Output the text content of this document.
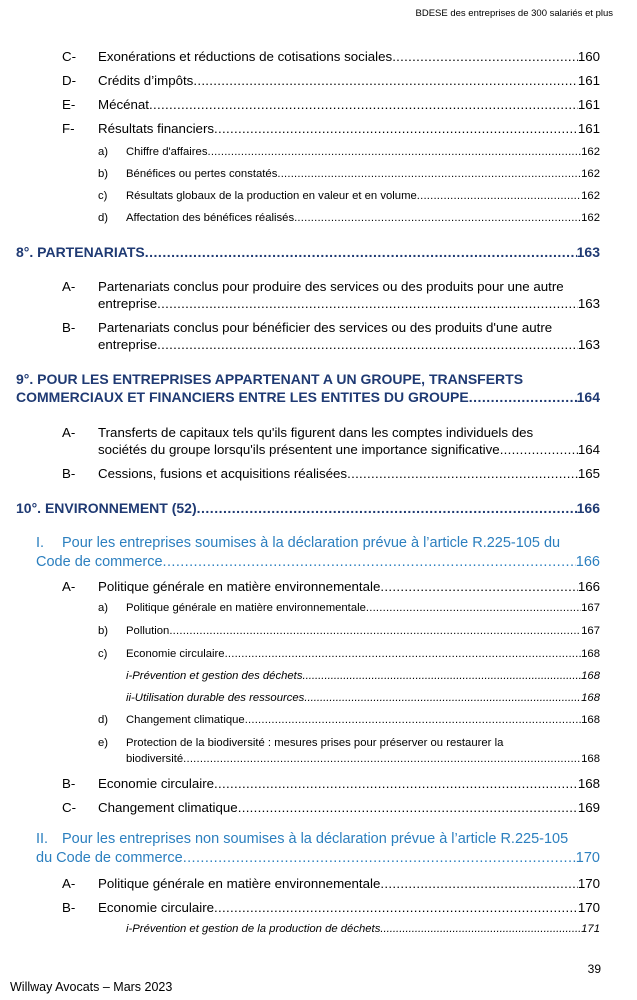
BDESE des entreprises de 300 salariés et plus
C- Exonérations et réductions de cotisations sociales .....	160
D- Crédits d’impôts .....	161
E- Mécénat .....	161
F- Résultats financiers .....	161
a) Chiffre d'affaires .....	162
b) Bénéfices ou pertes constatés .....	162
c) Résultats globaux de la production en valeur et en volume .....	162
d) Affectation des bénéfices réalisés .....	162
8°. PARTENARIATS .....	163
A- Partenariats conclus pour produire des services ou des produits pour une autre
entreprise .....	163
B- Partenariats conclus pour bénéficier des services ou des produits d'une autre
entreprise .....	163
9°. POUR LES ENTREPRISES APPARTENANT A UN GROUPE, TRANSFERTS
COMMERCIAUX ET FINANCIERS ENTRE LES ENTITES DU GROUPE .....	164
A- Transferts de capitaux tels qu'ils figurent dans les comptes individuels des
sociétés du groupe lorsqu'ils présentent une importance significative .....	164
B- Cessions, fusions et acquisitions réalisées .....	165
10°. ENVIRONNEMENT (52) .....	166
I. Pour les entreprises soumises à la déclaration prévue à l’article R.225-105 du
Code de commerce .....	166
A- Politique générale en matière environnementale .....	166
a) Politique générale en matière environnementale .....	167
b) Pollution .....	167
c) Economie circulaire .....	168
i-Prévention et gestion des déchets .....	168
ii-Utilisation durable des ressources .....	168
d) Changement climatique .....	168
e) Protection de la biodiversité : mesures prises pour préserver ou restaurer la
biodiversité .....	168
B- Economie circulaire .....	168
C- Changement climatique .....	169
II. Pour les entreprises non soumises à la déclaration prévue à l’article R.225-105
du Code de commerce .....	170
A- Politique générale en matière environnementale .....	170
B- Economie circulaire .....	170
i-Prévention et gestion de la production de déchets .....	171
39
Willway Avocats – Mars 2023
